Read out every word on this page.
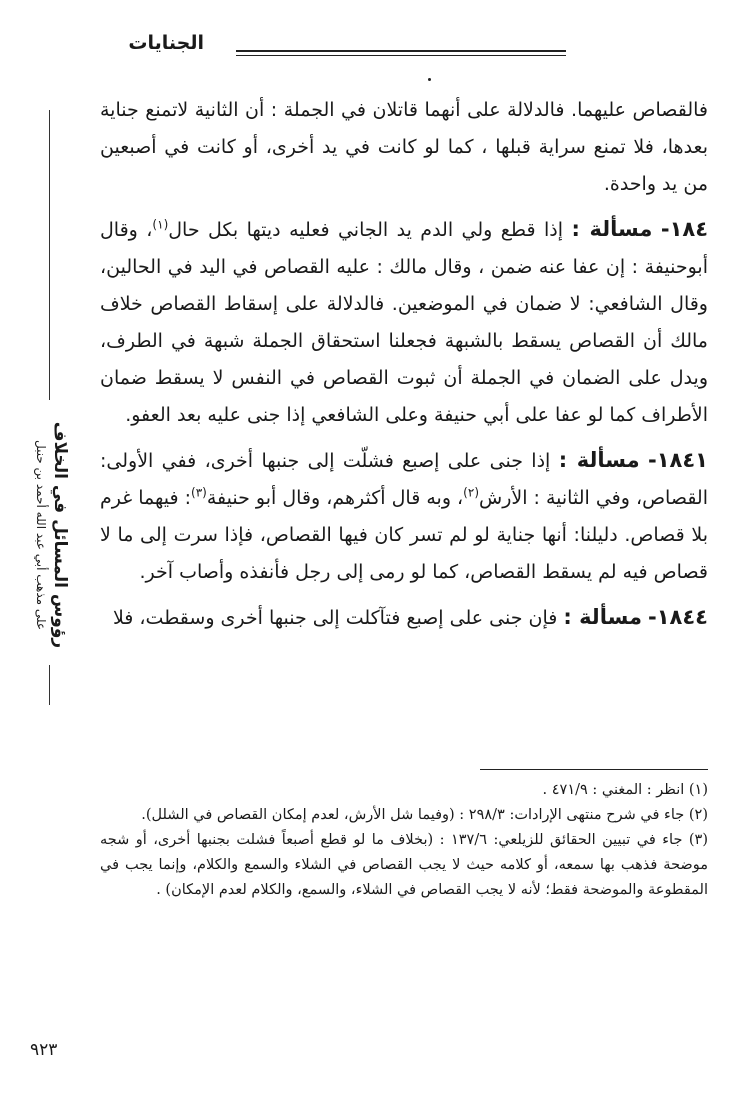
الجنايات
رؤوس المسائل في الخلاف
على مذهب أبي عبد الله أحمد بن حنبل

فالقصاص عليهما. فالدلالة على أنهما قاتلان في الجملة : أن الثانية لاتمنع جناية بعدها، فلا تمنع سراية قبلها ، كما لو كانت في يد أخرى، أو كانت في أصبعين من يد واحدة.

١٨٤- مسألة : إذا قطع ولي الدم يد الجاني فعليه ديتها بكل حال$^{(١)}$، وقال أبوحنيفة : إن عفا عنه ضمن ، وقال مالك : عليه القصاص في اليد في الحالين، وقال الشافعي: لا ضمان في الموضعين. فالدلالة على إسقاط القصاص خلاف مالك أن القصاص يسقط بالشبهة فجعلنا استحقاق الجملة شبهة في الطرف، ويدل على الضمان في الجملة أن ثبوت القصاص في النفس لا يسقط ضمان الأطراف كما لو عفا على أبي حنيفة وعلى الشافعي إذا جنى عليه بعد العفو.

١٨٤١- مسألة : إذا جنى على إصبع فشلّت إلى جنبها أخرى، ففي الأولى: القصاص، وفي الثانية : الأرش$^{(٢)}$، وبه قال أكثرهم، وقال أبو حنيفة$^{(٣)}$: فيهما غرم بلا قصاص. دليلنا: أنها جناية لو لم تسر كان فيها القصاص، فإذا سرت إلى ما لا قصاص فيه لم يسقط القصاص، كما لو رمى إلى رجل فأنفذه وأصاب آخر.

١٨٤٤- مسألة : فإن جنى على إصبع فتآكلت إلى جنبها أخرى وسقطت، فلا

(١) انظر : المغني : ٤٧١/٩ .

(٢) جاء في شرح منتهى الإرادات: ٢٩٨/٣ : (وفيما شل الأرش، لعدم إمكان القصاص في الشلل).

(٣) جاء في تبيين الحقائق للزيلعي: ١٣٧/٦ : (بخلاف ما لو قطع أصبعاً فشلت بجنبها أخرى، أو شجه موضحة فذهب بها سمعه، أو كلامه حيث لا يجب القصاص في الشلاء والسمع والكلام، وإنما يجب في المقطوعة والموضحة فقط؛ لأنه لا يجب القصاص في الشلاء، والسمع، والكلام لعدم الإمكان) .

٩٢٣
